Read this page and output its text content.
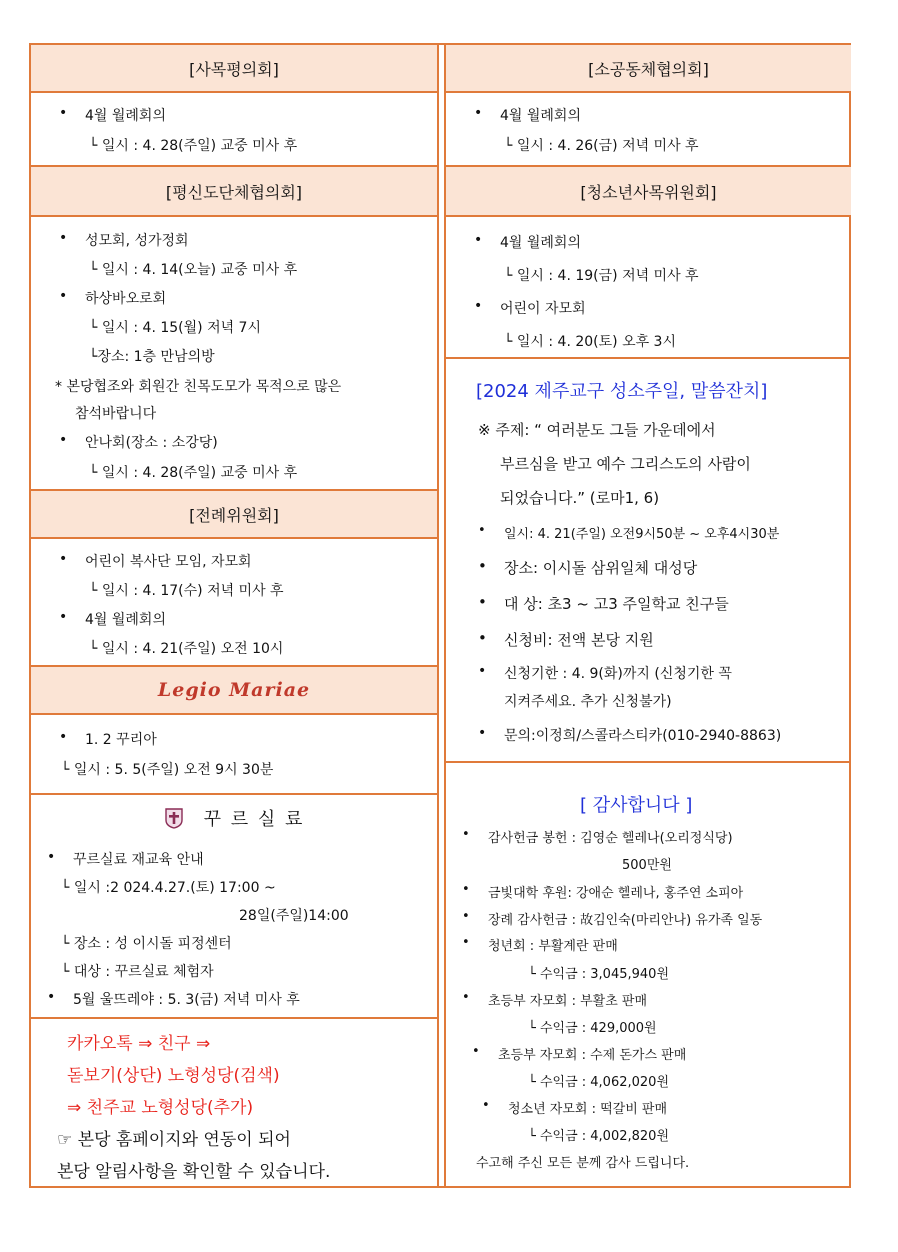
[사목평의회]
• 4월 월례회의
└ 일시 : 4. 28(주일) 교중 미사 후
[평신도단체협의회]
• 성모회, 성가정회
└ 일시 : 4. 14(오늘) 교중 미사 후
• 하상바오로회
└ 일시 : 4. 15(월) 저녁 7시
└장소: 1층 만남의방
* 본당협조와 회원간 친목도모가 목적으로 많은
참석바랍니다
• 안나회(장소 : 소강당)
└ 일시 : 4. 28(주일) 교중 미사 후
[전례위원회]
• 어린이 복사단 모임, 자모회
└ 일시 : 4. 17(수) 저녁 미사 후
• 4월 월례회의
└ 일시 : 4. 21(주일) 오전 10시
Legio Mariae
• 1. 2 꾸리아
└ 일시 : 5. 5(주일) 오전 9시 30분
꾸 르 실 료
• 꾸르실료 재교육 안내
└ 일시 :2 024.4.27.(토) 17:00 ~
28일(주일)14:00
└ 장소 : 성 이시돌 피정센터
└ 대상 : 꾸르실료 체험자
• 5월 울뜨레야 : 5. 3(금) 저녁 미사 후
카카오톡 ⇒ 친구 ⇒
돋보기(상단) 노형성당(검색)
⇒ 천주교 노형성당(추가)
☞ 본당 홈페이지와 연동이 되어
본당 알림사항을 확인할 수 있습니다.
[소공동체협의회]
• 4월 월례회의
└ 일시 : 4. 26(금) 저녁 미사 후
[청소년사목위원회]
• 4월 월례회의
└ 일시 : 4. 19(금) 저녁 미사 후
• 어린이 자모회
└ 일시 : 4. 20(토) 오후 3시
[2024 제주교구 성소주일, 말씀잔치]
※ 주제: “ 여러분도 그들 가운데에서
부르심을 받고 예수 그리스도의 사람이
되었습니다.” (로마1, 6)
• 일시: 4. 21(주일) 오전9시50분 ~ 오후4시30분
• 장소: 이시돌 삼위일체 대성당
• 대 상: 초3 ~ 고3 주일학교 친구들
• 신청비: 전액 본당 지원
• 신청기한 : 4. 9(화)까지 (신청기한 꼭
지켜주세요. 추가 신청불가)
• 문의:이정희/스콜라스티카(010-2940-8863)
[ 감사합니다 ]
• 감사헌금 봉헌 : 김영순 헬레나(오리정식당)
500만원
• 금빛대학 후원: 강애순 헬레나, 홍주연 소피아
• 장례 감사헌금 : 故김인숙(마리안나) 유가족 일동
• 청년회 : 부활계란 판매
└ 수익금 : 3,045,940원
• 초등부 자모회 : 부활초 판매
└ 수익금 : 429,000원
• 초등부 자모회 : 수제 돈가스 판매
└ 수익금 : 4,062,020원
• 청소년 자모회 : 떡갈비 판매
└ 수익금 : 4,002,820원
수고해 주신 모든 분께 감사 드립니다.
